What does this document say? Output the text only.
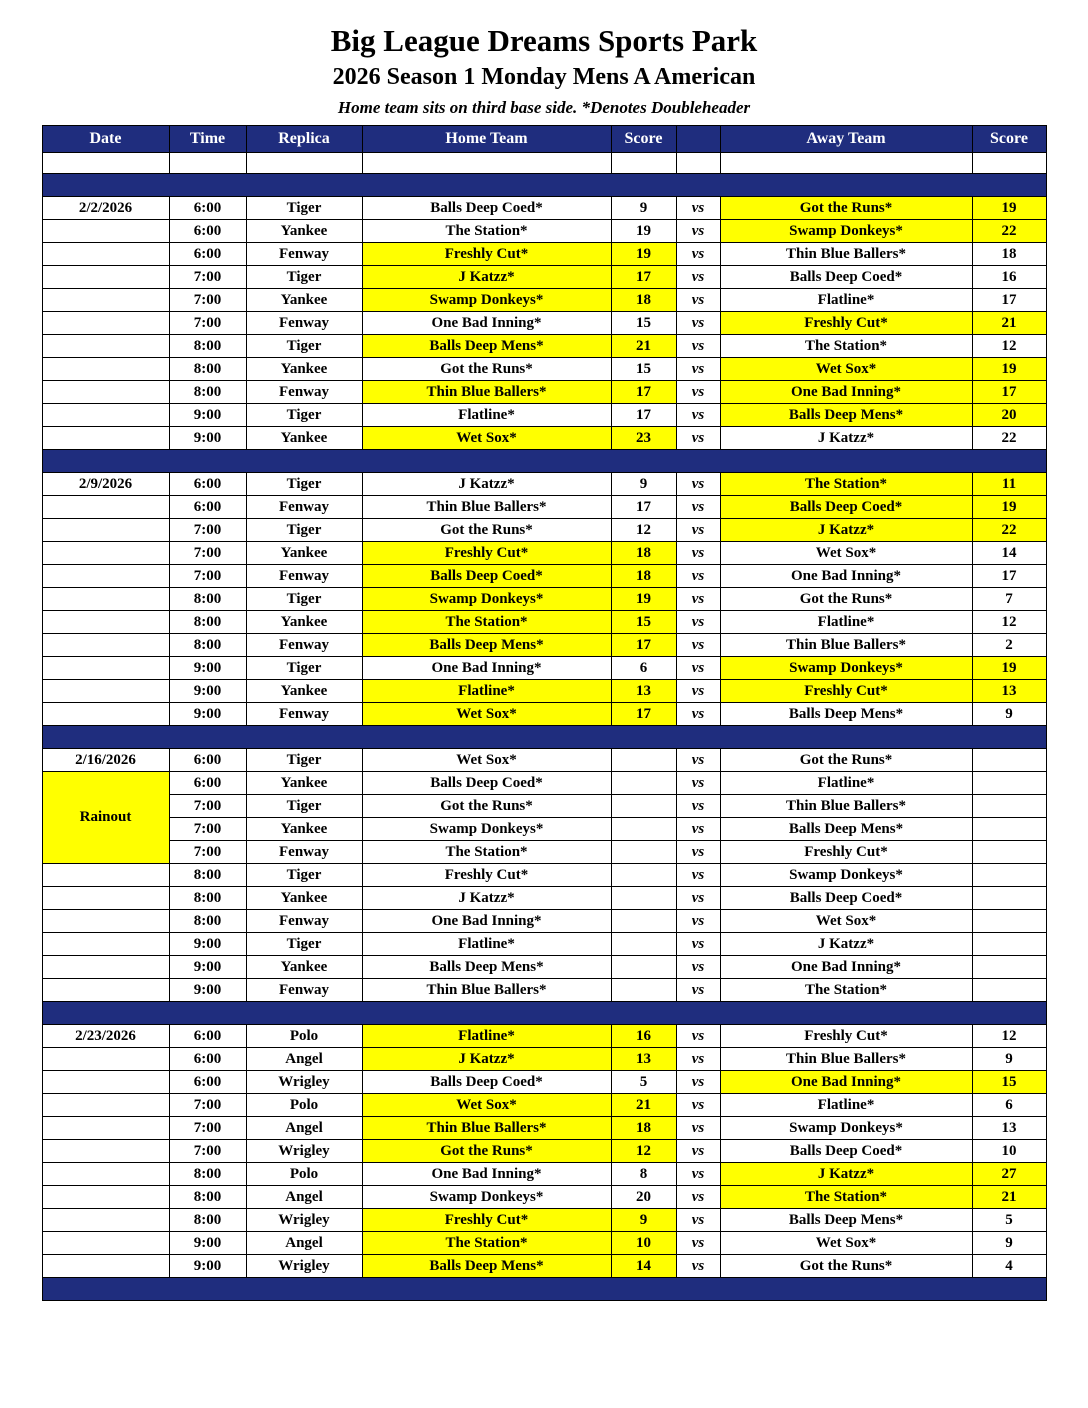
Big League Dreams Sports Park
2026 Season 1 Monday Mens A American
Home team sits on third base side. *Denotes Doubleheader
Date	Time	Replica	Home Team	Score		Away Team	Score

2/2/2026	6:00	Tiger	Balls Deep Coed*	9	vs	Got the Runs*	19
	6:00	Yankee	The Station*	19	vs	Swamp Donkeys*	22
	6:00	Fenway	Freshly Cut*	19	vs	Thin Blue Ballers*	18
	7:00	Tiger	J Katzz*	17	vs	Balls Deep Coed*	16
	7:00	Yankee	Swamp Donkeys*	18	vs	Flatline*	17
	7:00	Fenway	One Bad Inning*	15	vs	Freshly Cut*	21
	8:00	Tiger	Balls Deep Mens*	21	vs	The Station*	12
	8:00	Yankee	Got the Runs*	15	vs	Wet Sox*	19
	8:00	Fenway	Thin Blue Ballers*	17	vs	One Bad Inning*	17
	9:00	Tiger	Flatline*	17	vs	Balls Deep Mens*	20
	9:00	Yankee	Wet Sox*	23	vs	J Katzz*	22

2/9/2026	6:00	Tiger	J Katzz*	9	vs	The Station*	11
	6:00	Fenway	Thin Blue Ballers*	17	vs	Balls Deep Coed*	19
	7:00	Tiger	Got the Runs*	12	vs	J Katzz*	22
	7:00	Yankee	Freshly Cut*	18	vs	Wet Sox*	14
	7:00	Fenway	Balls Deep Coed*	18	vs	One Bad Inning*	17
	8:00	Tiger	Swamp Donkeys*	19	vs	Got the Runs*	7
	8:00	Yankee	The Station*	15	vs	Flatline*	12
	8:00	Fenway	Balls Deep Mens*	17	vs	Thin Blue Ballers*	2
	9:00	Tiger	One Bad Inning*	6	vs	Swamp Donkeys*	19
	9:00	Yankee	Flatline*	13	vs	Freshly Cut*	13
	9:00	Fenway	Wet Sox*	17	vs	Balls Deep Mens*	9

2/16/2026	6:00	Tiger	Wet Sox*		vs	Got the Runs*	
Rainout	6:00	Yankee	Balls Deep Coed*		vs	Flatline*	
	7:00	Tiger	Got the Runs*		vs	Thin Blue Ballers*	
	7:00	Yankee	Swamp Donkeys*		vs	Balls Deep Mens*	
	7:00	Fenway	The Station*		vs	Freshly Cut*	
	8:00	Tiger	Freshly Cut*		vs	Swamp Donkeys*	
	8:00	Yankee	J Katzz*		vs	Balls Deep Coed*	
	8:00	Fenway	One Bad Inning*		vs	Wet Sox*	
	9:00	Tiger	Flatline*		vs	J Katzz*	
	9:00	Yankee	Balls Deep Mens*		vs	One Bad Inning*	
	9:00	Fenway	Thin Blue Ballers*		vs	The Station*	

2/23/2026	6:00	Polo	Flatline*	16	vs	Freshly Cut*	12
	6:00	Angel	J Katzz*	13	vs	Thin Blue Ballers*	9
	6:00	Wrigley	Balls Deep Coed*	5	vs	One Bad Inning*	15
	7:00	Polo	Wet Sox*	21	vs	Flatline*	6
	7:00	Angel	Thin Blue Ballers*	18	vs	Swamp Donkeys*	13
	7:00	Wrigley	Got the Runs*	12	vs	Balls Deep Coed*	10
	8:00	Polo	One Bad Inning*	8	vs	J Katzz*	27
	8:00	Angel	Swamp Donkeys*	20	vs	The Station*	21
	8:00	Wrigley	Freshly Cut*	9	vs	Balls Deep Mens*	5
	9:00	Angel	The Station*	10	vs	Wet Sox*	9
	9:00	Wrigley	Balls Deep Mens*	14	vs	Got the Runs*	4
